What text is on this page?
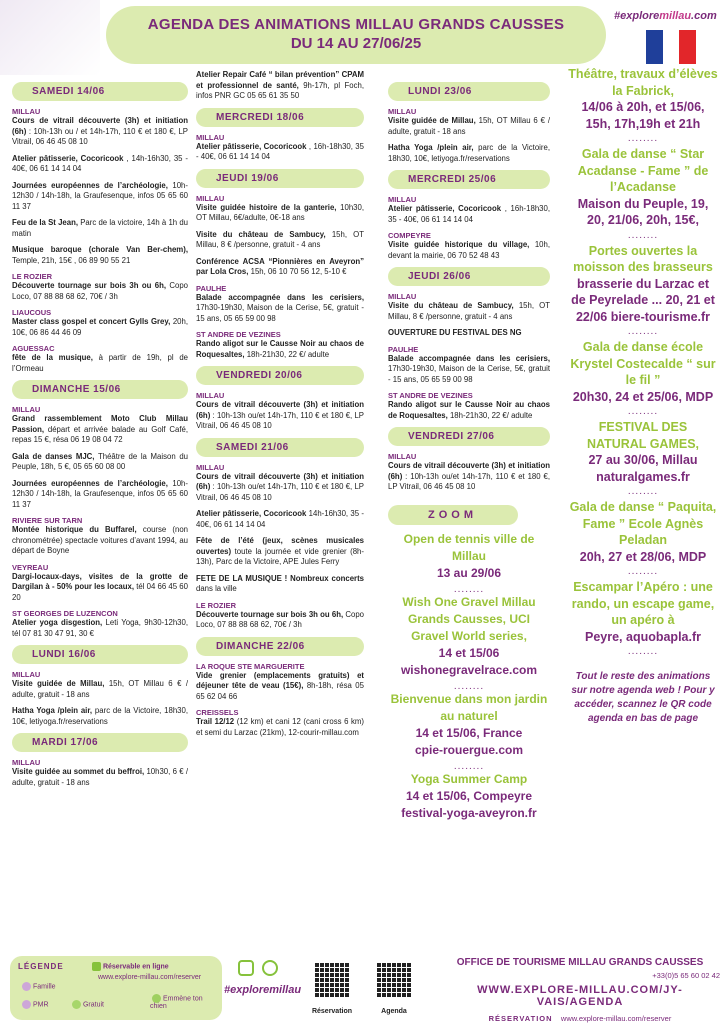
AGENDA DES ANIMATIONS MILLAU GRANDS CAUSSES
DU 14 AU 27/06/25
#exploremillau.com
SAMEDI 14/06
MILLAU
Cours de vitrail découverte (3h) et initiation (6h) : 10h-13h ou / et 14h-17h, 110 € et 180 €, LP Vitrail, 06 46 45 08 10
Atelier pâtisserie, Cocoricook , 14h-16h30, 35 - 40€, 06 61 14 14 04
Journées européennes de l’archéologie, 10h-12h30 / 14h-18h, la Graufesenque, infos 05 65 60 11 37
Feu de la St Jean, Parc de la victoire, 14h à 1h du matin
Musique baroque (chorale Van Ber-chem), Temple, 21h, 15€ , 06 89 90 55 21
LE ROZIER
Découverte tournage sur bois 3h ou 6h, Copo Loco, 07 88 88 68 62, 70€ / 3h
LIAUCOUS
Master class gospel et concert Gylls Grey, 20h, 10€, 06 86 44 46 09
AGUESSAC
fête de la musique, à partir de 19h, pl de l’Ormeau
DIMANCHE 15/06
MILLAU
Grand rassemblement Moto Club Millau Passion, départ et arrivée balade au Golf Café, repas 15 €, résa 06 19 08 04 72
Gala de danses MJC, Théâtre de la Maison du Peuple, 18h, 5 €, 05 65 60 08 00
Journées européennes de l’archéologie, 10h-12h30 / 14h-18h, la Graufesenque, infos 05 65 60 11 37
RIVIERE SUR TARN
Montée historique du Buffarel, course (non chronométrée) spectacle voitures d’avant 1994, au départ de Boyne
VEYREAU
Dargi-locaux-days, visites de la grotte de Dargilan à - 50% pour les locaux, tél 04 66 45 60 20
ST GEORGES DE LUZENCON
Atelier yoga disgestion, Leti Yoga, 9h30-12h30, tél 07 81 30 47 91, 30 €
LUNDI 16/06
MILLAU
Visite guidée de Millau, 15h, OT Millau 6 € / adulte, gratuit - 18 ans
Hatha Yoga /plein air, parc de la Victoire, 18h30, 10€, letiyoga.fr/reservations
MARDI 17/06
MILLAU
Visite guidée au sommet du beffroi, 10h30, 6 € / adulte, gratuit - 18 ans
Atelier Repair Café “ bilan prévention” CPAM et professionnel de santé, 9h-17h, pl Foch, infos PNR GC 05 65 61 35 50
MERCREDI 18/06
MILLAU
Atelier pâtisserie, Cocoricook , 16h-18h30, 35 - 40€, 06 61 14 14 04
JEUDI 19/06
MILLAU
Visite guidée histoire de la ganterie, 10h30, OT Millau, 6€/adulte, 0€-18 ans
Visite du château de Sambucy, 15h, OT Millau, 8 € /personne, gratuit - 4 ans
Conférence ACSA “Pionnières en Aveyron” par Lola Cros, 15h, 06 10 70 56 12, 5-10 €
PAULHE
Balade accompagnée dans les cerisiers, 17h30-19h30, Maison de la Cerise, 5€, gratuit - 15 ans, 05 65 59 00 98
ST ANDRE DE VEZINES
Rando aligot sur le Causse Noir au chaos de Roquesaltes, 18h-21h30, 22 €/ adulte
VENDREDI 20/06
MILLAU
Cours de vitrail découverte (3h) et initiation (6h) : 10h-13h ou/et 14h-17h, 110 € et 180 €, LP Vitrail, 06 46 45 08 10
SAMEDI 21/06
MILLAU
Cours de vitrail découverte (3h) et initiation (6h) : 10h-13h ou/et 14h-17h, 110 € et 180 €, LP Vitrail, 06 46 45 08 10
Atelier pâtisserie, Cocoricook 14h-16h30, 35 - 40€, 06 61 14 14 04
Fête de l’été (jeux, scènes musicales ouvertes) toute la journée et vide grenier (8h-13h), Parc de la Victoire, APE Jules Ferry
FETE DE LA MUSIQUE ! Nombreux concerts dans la ville
LE ROZIER
Découverte tournage sur bois 3h ou 6h, Copo Loco, 07 88 88 68 62, 70€ / 3h
DIMANCHE 22/06
LA ROQUE STE MARGUERITE
Vide grenier (emplacements gratuits) et déjeuner tête de veau (15€), 8h-18h, résa 05 65 62 04 66
CREISSELS
Trail 12/12 (12 km) et cani 12 (cani cross 6 km) et semi du Larzac (21km), 12-courir-millau.com
LUNDI 23/06
MILLAU
Visite guidée de Millau, 15h, OT Millau 6 € / adulte, gratuit - 18 ans
Hatha Yoga /plein air, parc de la Victoire, 18h30, 10€, letiyoga.fr/reservations
MERCREDI 25/06
MILLAU
Atelier pâtisserie, Cocoricook , 16h-18h30, 35 - 40€, 06 61 14 14 04
COMPEYRE
Visite guidée historique du village, 10h, devant la mairie, 06 70 52 48 43
JEUDI 26/06
MILLAU
Visite du château de Sambucy, 15h, OT Millau, 8 € /personne, gratuit - 4 ans
OUVERTURE DU FESTIVAL DES NG
PAULHE
Balade accompagnée dans les cerisiers, 17h30-19h30, Maison de la Cerise, 5€, gratuit - 15 ans, 05 65 59 00 98
ST ANDRE DE VEZINES
Rando aligot sur le Causse Noir au chaos de Roquesaltes, 18h-21h30, 22 €/ adulte
VENDREDI 27/06
MILLAU
Cours de vitrail découverte (3h) et initiation (6h) : 10h-13h ou/et 14h-17h, 110 € et 180 €, LP Vitrail, 06 46 45 08 10
ZOOM
Open de tennis ville de Millau
13 au 29/06
........
Wish One Gravel Millau Grands Causses, UCI Gravel World series,
14 et 15/06
wishonegravelrace.com
........
Bienvenue dans mon jardin au naturel
14 et 15/06, France
cpie-rouergue.com
........
Yoga Summer Camp
14 et 15/06, Compeyre
festival-yoga-aveyron.fr
Théâtre, travaux d’élèves la Fabrick,
14/06 à 20h, et 15/06, 15h, 17h,19h et 21h
........
Gala de danse “ Star Acadanse - Fame ” de l’Acadanse
Maison du Peuple, 19, 20, 21/06, 20h, 15€,
........
Portes ouvertes la moisson des brasseurs
brasserie du Larzac et de Peyrelade ... 20, 21 et 22/06 biere-tourisme.fr
........
Gala de danse école Krystel Costecalde “ sur le fil ”
20h30, 24 et 25/06, MDP
........
FESTIVAL DES NATURAL GAMES,
27 au 30/06, Millau naturalgames.fr
........
Gala de danse “ Paquita, Fame ” Ecole Agnès Peladan
20h, 27 et 28/06, MDP
........
Escampar l’Apéro : une rando, un escape game, un apéro à
Peyre, aquobapla.fr
........
Tout le reste des animations sur notre agenda web ! Pour y accéder, scannez le QR code agenda en bas de page
LÉGENDE
Famille
PMR	Gratuit
Réservable en ligne
www.explore-millau.com/reserver
Emmène ton chien
#exploremillau
Réservation	Agenda
OFFICE DE TOURISME MILLAU GRANDS CAUSSES
+33(0)5 65 60 02 42
WWW.EXPLORE-MILLAU.COM/JY-VAIS/AGENDA
RÉSERVATION www.explore-millau.com/reserver
